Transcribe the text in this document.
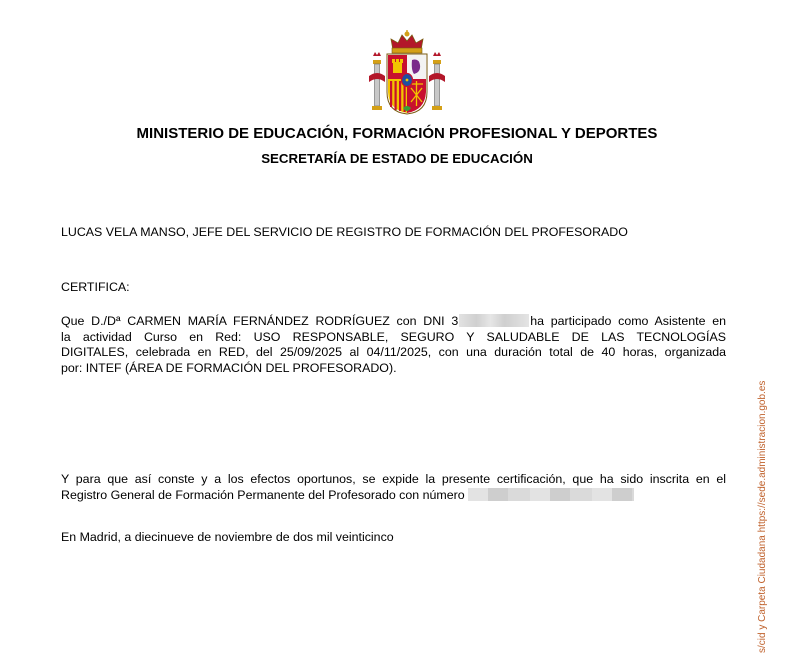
MINISTERIO DE EDUCACIÓN, FORMACIÓN PROFESIONAL Y DEPORTES
SECRETARÍA DE ESTADO DE EDUCACIÓN
LUCAS VELA MANSO, JEFE DEL SERVICIO DE REGISTRO DE FORMACIÓN DEL PROFESORADO
CERTIFICA:
Que D./Dª CARMEN MARÍA FERNÁNDEZ RODRÍGUEZ con DNI 3	ha participado como Asistente en
la actividad Curso en Red: USO RESPONSABLE, SEGURO Y SALUDABLE DE LAS TECNOLOGÍAS
DIGITALES, celebrada en RED, del 25/09/2025 al 04/11/2025, con una duración total de 40 horas, organizada
por: INTEF (ÁREA DE FORMACIÓN DEL PROFESORADO).
Y para que así conste y a los efectos oportunos, se expide la presente certificación, que ha sido inscrita en el
Registro General de Formación Permanente del Profesorado con número
En Madrid, a diecinueve de noviembre de dos mil veinticinco	s/cid y Carpeta Ciudadana https://sede.administracion.gob.es
